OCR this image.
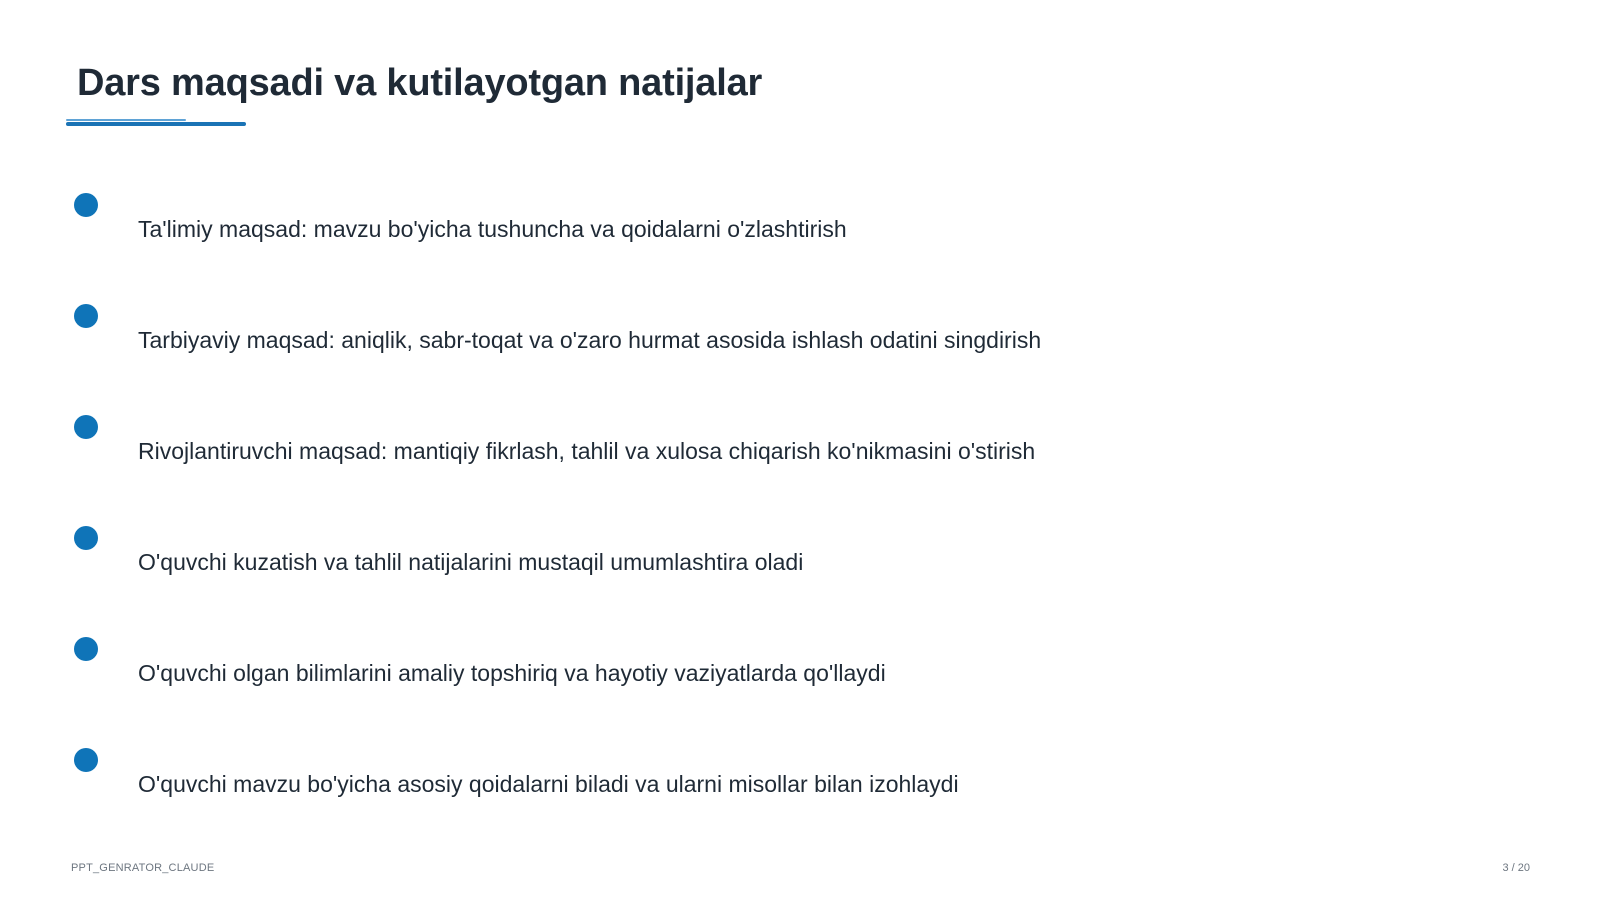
Dars maqsadi va kutilayotgan natijalar
Ta'limiy maqsad: mavzu bo'yicha tushuncha va qoidalarni o'zlashtirish
Tarbiyaviy maqsad: aniqlik, sabr-toqat va o'zaro hurmat asosida ishlash odatini singdirish
Rivojlantiruvchi maqsad: mantiqiy fikrlash, tahlil va xulosa chiqarish ko'nikmasini o'stirish
O'quvchi kuzatish va tahlil natijalarini mustaqil umumlashtira oladi
O'quvchi olgan bilimlarini amaliy topshiriq va hayotiy vaziyatlarda qo'llaydi
O'quvchi mavzu bo'yicha asosiy qoidalarni biladi va ularni misollar bilan izohlaydi
PPT_GENRATOR_CLAUDE	3 / 20
